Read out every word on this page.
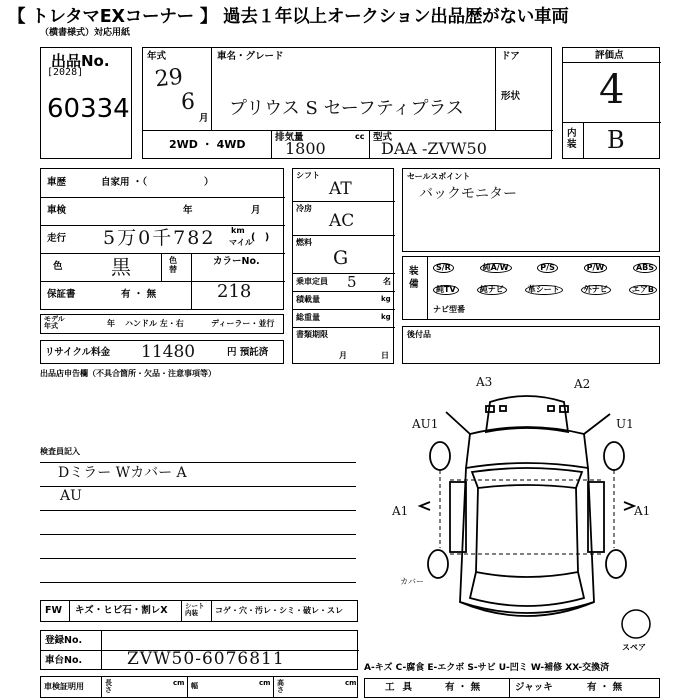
【 トレタマEXコーナー 】 過去１年以上オークション出品歴がない車両
（横書様式）対応用紙
出品No.
[2028]
60334
年式
29
6
月
車名・グレード
プリウス S セーフティプラス
ドア
形状
2WD ・ 4WD
排気量
1800
cc 型式
DAA -ZVW50
評価点
4
内装 B
車歴	自家用 ・（　　　　　　）
車検	年	月
走行 5万0千782 km
マイル
(　)
色 黒	色替
カラーNo.
218
保証書	有 ・ 無
モデル年式	年 ハンドル 左・右	ディーラー・並行
リサイクル料金 11480	円 預託済
シフト
AT
冷房
AC
燃料
G
乗車定員 5	名
積載量	kg
総重量	kg
書類期限
月	日
セールスポイント
バックモニター
装備
S/R	純A/W	P/S	P/W	ABS
純TV	純ナビ	革シート	外ナビ	エアB
ナビ型番
後付品
出品店申告欄（不具合箇所・欠品・注意事項等）
検査員記入
Dミラー Wカバー A
AU
A3	A2
AU1	U1
A1	A1
カバー
スペア
FW キズ・ヒビ石・割レX	シート内装	コゲ・穴・汚レ・シミ・破レ・スレ
登録No.
車台No.	ZVW50-6076811
車検証明用	長さ
cm 幅	cm 高さ
cm
A-キズ C-腐食 E-エクボ S-サビ U-凹ミ W-補修 XX-交換済
工具	有 ・ 無	ジャッキ	有 ・ 無
